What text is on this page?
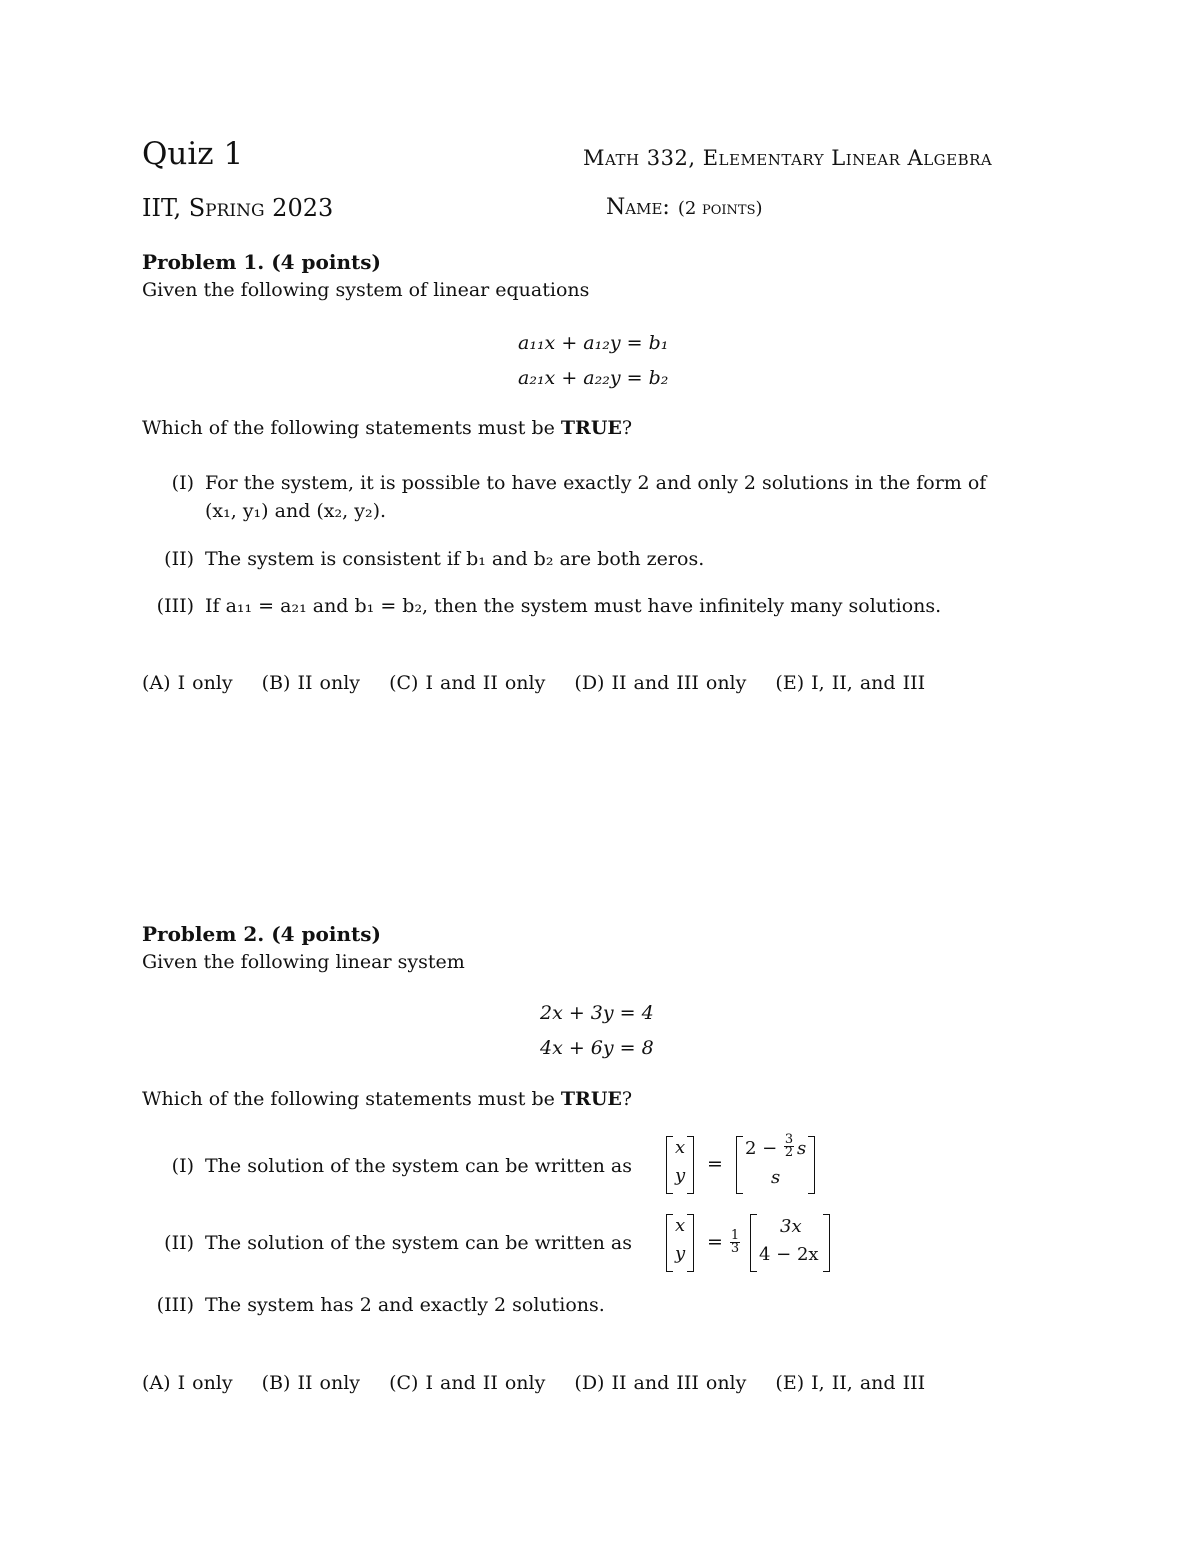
Quiz 1	Math 332, Elementary Linear Algebra
IIT, Spring 2023	Name: (2 points)
Problem 1. (4 points)
Given the following system of linear equations
a₁₁x + a₁₂y = b₁
a₂₁x + a₂₂y = b₂
Which of the following statements must be TRUE?
(I) For the system, it is possible to have exactly 2 and only 2 solutions in the form of
(x₁, y₁) and (x₂, y₂).
(II) The system is consistent if b₁ and b₂ are both zeros.
(III) If a₁₁ = a₂₁ and b₁ = b₂, then the system must have infinitely many solutions.
(A) I only (B) II only (C) I and II only (D) II and III only (E) I, II, and III
Problem 2. (4 points)
Given the following linear system
2x + 3y = 4
4x + 6y = 8
Which of the following statements must be TRUE?
(I) The solution of the system can be written as
x
y
=
2 − s
$\frac{3}{2}$
s
(II) The solution of the system can be written as
x
y
= $\frac{1}{3}$
3x
4 − 2x
(III) The system has 2 and exactly 2 solutions.
(A) I only (B) II only (C) I and II only (D) II and III only (E) I, II, and III
